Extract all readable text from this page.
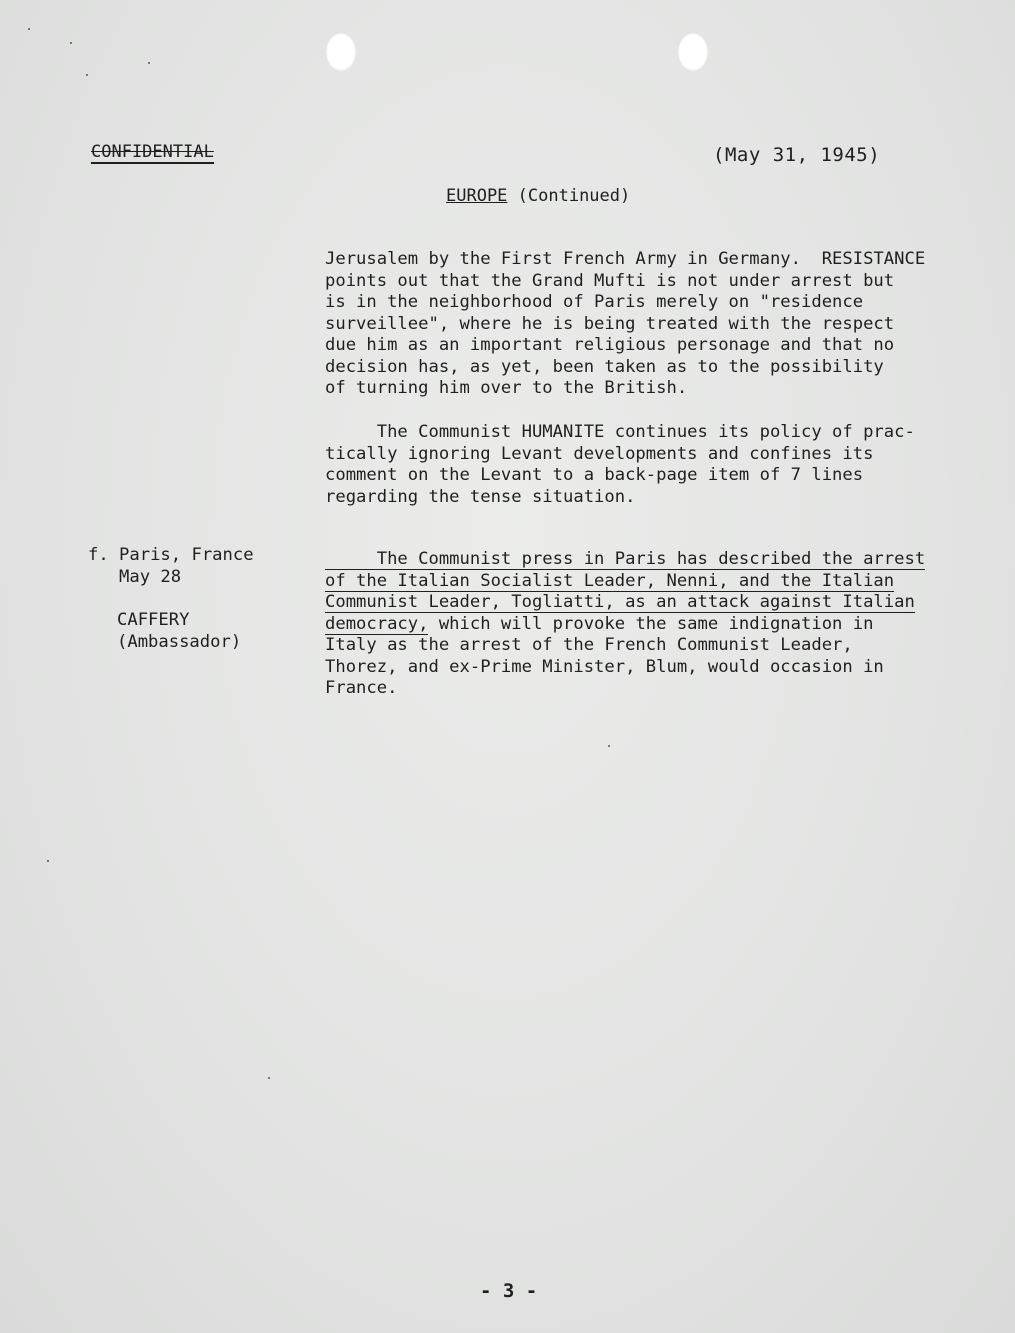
CONFIDENTIAL	(May 31, 1945)
EUROPE (Continued)
Jerusalem by the First French Army in Germany.  RESISTANCE
points out that the Grand Mufti is not under arrest but
is in the neighborhood of Paris merely on "residence
surveillee", where he is being treated with the respect
due him as an important religious personage and that no
decision has, as yet, been taken as to the possibility
of turning him over to the British.
The Communist HUMANITE continues its policy of prac-
tically ignoring Levant developments and confines its
comment on the Levant to a back-page item of 7 lines
regarding the tense situation.
f. Paris, France
May 28
CAFFERY
(Ambassador)
The Communist press in Paris has described the arrest
of the Italian Socialist Leader, Nenni, and the Italian
Communist Leader, Togliatti, as an attack against Italian
democracy, which will provoke the same indignation in
Italy as the arrest of the French Communist Leader,
Thorez, and ex-Prime Minister, Blum, would occasion in
France.
- 3 -
